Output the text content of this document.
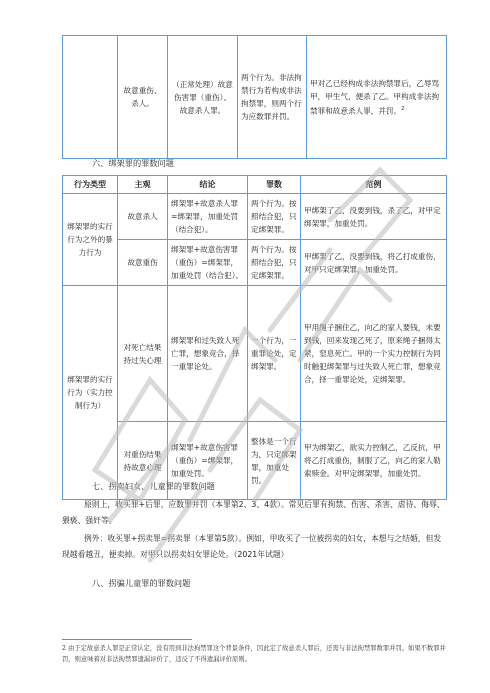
	故意重伤、杀人。	（正常处理）故意伤害罪（重伤）、故意杀人罪。	两个行为。非法拘禁行为若构成非法拘禁罪，则两个行为应数罪并罚。	甲对乙已经构成非法拘禁罪后，乙辱骂甲，甲生气，便杀了乙。甲构成非法拘禁罪和故意杀人罪，并罚。$^2$
六、绑架罪的罪数问题
行为类型	主观	结论	罪数	范例
绑架罪的实行行为之外的暴力行为	故意杀人	绑架罪+故意杀人罪=绑架罪，加重处罚（结合犯）。	两个行为。按照结合犯，只定绑架罪。	甲绑架了乙，没要到钱，杀了乙，对甲定绑架罪，加重处罚。
	故意重伤	绑架罪+故意伤害罪（重伤）=绑架罪，加重处罚（结合犯）。	两个行为。按照结合犯，只定绑架罪。	甲绑架了乙，没要到钱，将乙打成重伤，对甲只定绑架罪，加重处罚。
绑架罪的实行行为（实力控制行为）	对死亡结果持过失心理	绑架罪和过失致人死亡罪，想象竞合，择一重罪论处。	一个行为，一重罪论处，定绑架罪。	甲用绳子捆住乙，向乙的家人要钱，未要到钱，回来发现乙死了，原来绳子捆得太紧，窒息死亡。甲的一个实力控制行为同时触犯绑架罪与过失致人死亡罪，想象竞合，择一重罪论处，定绑架罪。
	对重伤结果持故意心理	绑架罪+故意伤害罪（重伤）=绑架罪，加重处罚。	整体是一个行为，只定绑架罪，加重处罚。	甲为绑架乙，欲实力控制乙，乙反抗，甲将乙打成重伤，制服了乙，向乙的家人勒索赎金。对甲定绑架罪，加重处罚。
七、拐卖妇女、儿童罪的罪数问题
原则上，收买罪+后罪，应数罪并罚（本罪第2、3、4款）。常见后罪有拘禁、伤害、杀害、虐待、侮辱、猥亵、强奸等。
例外：收买罪+拐卖罪=拐卖罪（本罪第5款）。例如，甲收买了一位被拐卖的妇女，本想与之结婚，但发现越看越丑，便卖掉。对甲只以拐卖妇女罪论处。（2021年试题）
八、拐骗儿童罪的罪数问题
2 由于定故意杀人罪是正常认定，没有用到非法拘禁罪这个背景条件，因此定了故意杀人罪后，还需与非法拘禁罪数罪并罚。如果不数罪并罚，则意味着对非法拘禁罪遗漏评价了，违反了不得遗漏评价原则。
